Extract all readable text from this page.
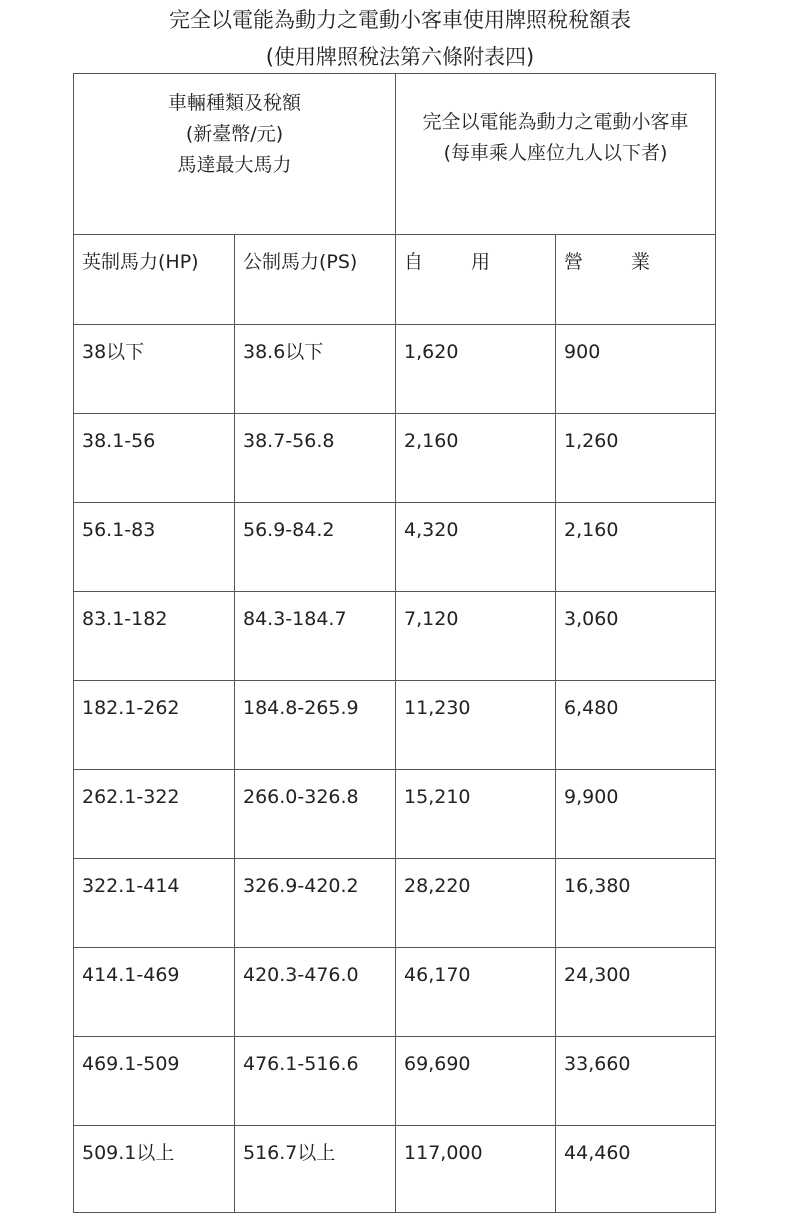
完全以電能為動力之電動小客車使用牌照稅稅額表
(使用牌照稅法第六條附表四)
車輛種類及稅額
(新臺幣/元)
馬達最大馬力		完全以電能為動力之電動小客車
(每車乘人座位九人以下者)	

英制馬力(HP)	公制馬力(PS)	自用	營業

38以下	38.6以下	1,620	900

38.1-56	38.7-56.8	2,160	1,260

56.1-83	56.9-84.2	4,320	2,160

83.1-182	84.3-184.7	7,120	3,060

182.1-262	184.8-265.9	11,230	6,480

262.1-322	266.0-326.8	15,210	9,900

322.1-414	326.9-420.2	28,220	16,380

414.1-469	420.3-476.0	46,170	24,300

469.1-509	476.1-516.6	69,690	33,660

509.1以上	516.7以上	117,000	44,460
